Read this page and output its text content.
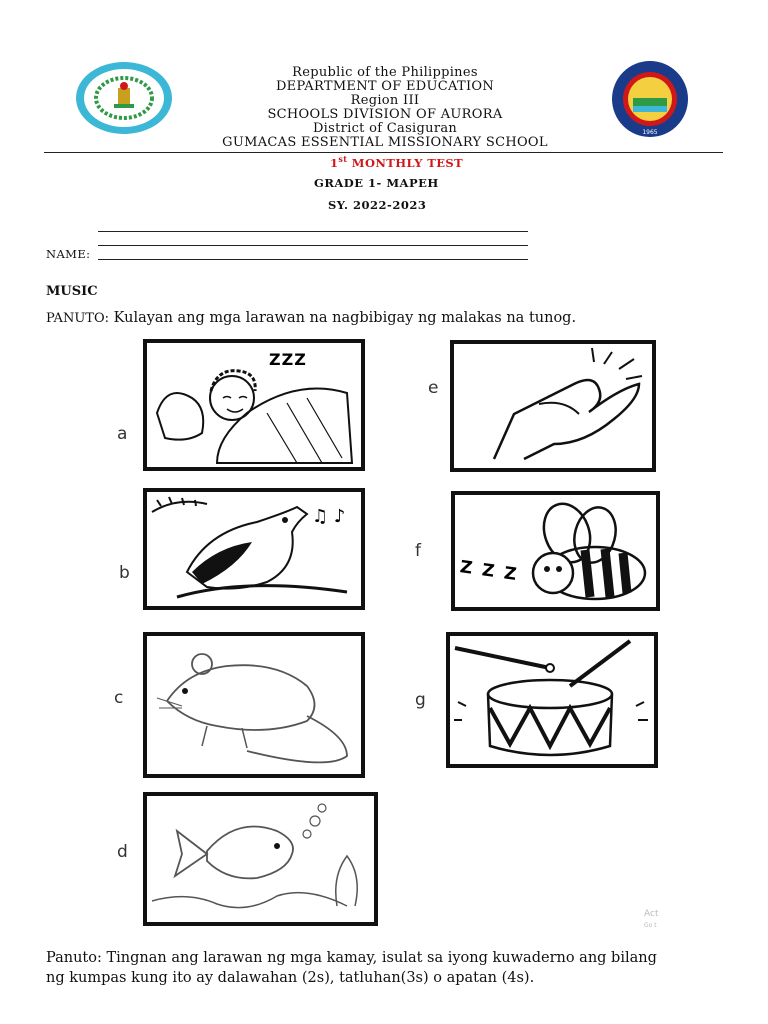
1965
Republic of the Philippines
DEPARTMENT OF EDUCATION
Region III
SCHOOLS DIVISION OF AURORA
District of Casiguran
GUMACAS ESSENTIAL MISSIONARY SCHOOL
1st MONTHLY TEST
GRADE 1- MAPEH
SY. 2022-2023
NAME:
MUSIC
PANUTO: Kulayan ang mga larawan na nagbibigay ng malakas na tunog.
a
b
c
d
e
f
g
ZZZ
♫ ♪
Z Z Z
Act
Go t
Panuto: Tingnan ang larawan ng mga kamay, isulat sa iyong kuwaderno ang bilang
ng kumpas kung ito ay dalawahan (2s), tatluhan(3s) o apatan (4s).
